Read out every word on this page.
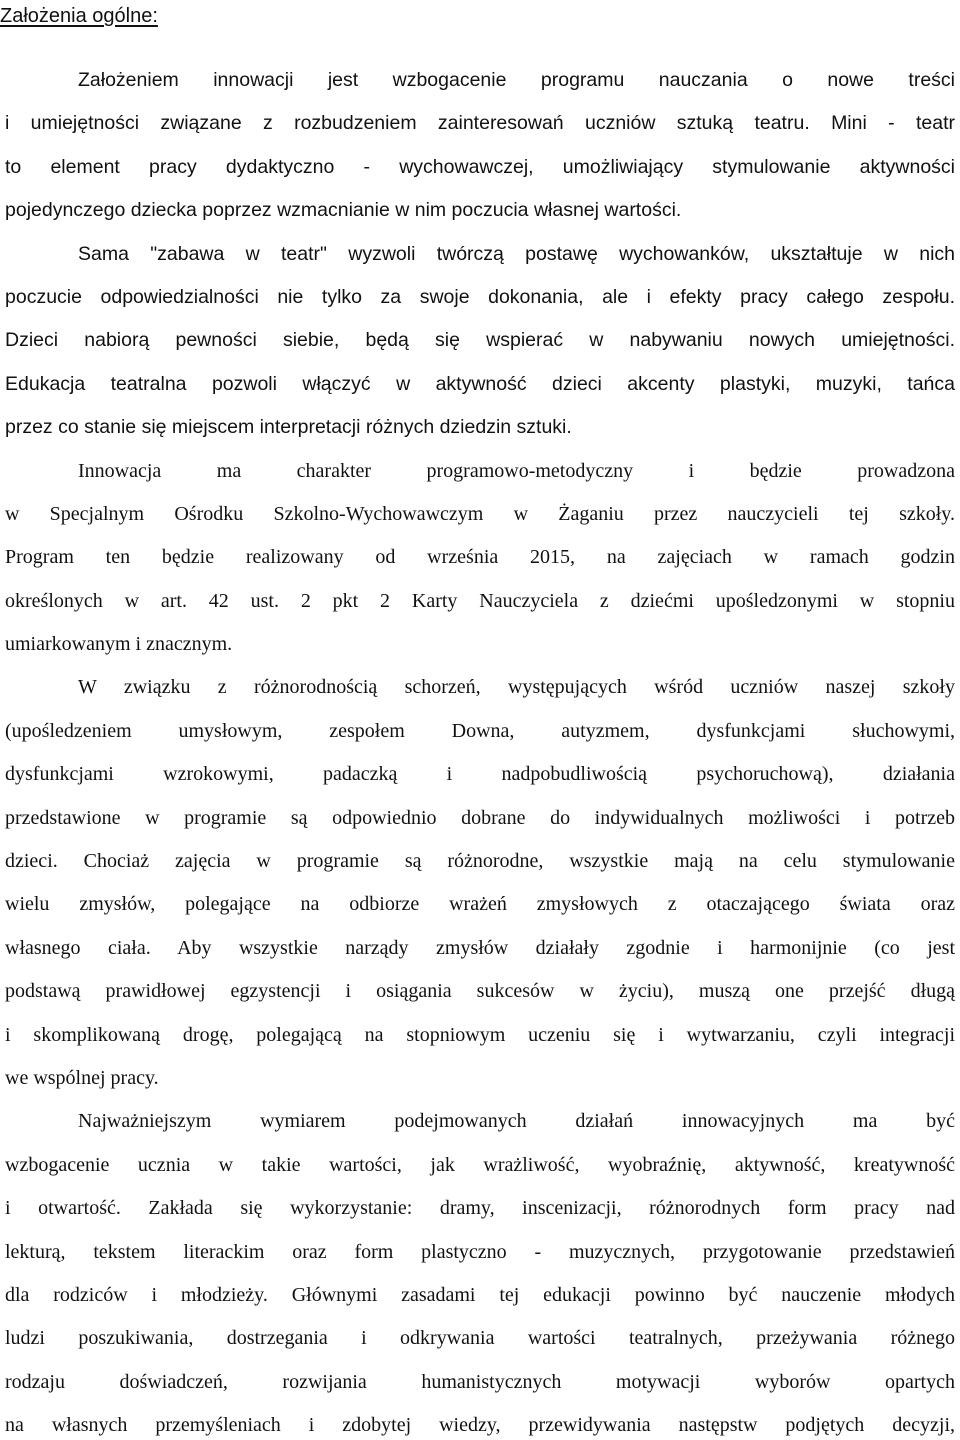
Założenia ogólne:
Założeniem innowacji jest wzbogacenie programu nauczania o nowe treści
i umiejętności związane z rozbudzeniem zainteresowań uczniów sztuką teatru. Mini - teatr
to element pracy dydaktyczno - wychowawczej, umożliwiający stymulowanie aktywności
pojedynczego dziecka poprzez wzmacnianie w nim poczucia własnej wartości.
Sama "zabawa w teatr" wyzwoli twórczą postawę wychowanków, ukształtuje w nich
poczucie odpowiedzialności nie tylko za swoje dokonania, ale i efekty pracy całego zespołu.
Dzieci nabiorą pewności siebie, będą się wspierać w nabywaniu nowych umiejętności.
Edukacja teatralna pozwoli włączyć w aktywność dzieci akcenty plastyki, muzyki, tańca
przez co stanie się miejscem interpretacji różnych dziedzin sztuki.
Innowacja ma charakter programowo-metodyczny i będzie prowadzona
w Specjalnym Ośrodku Szkolno-Wychowawczym w Żaganiu przez nauczycieli tej szkoły.
Program ten będzie realizowany od września 2015, na zajęciach w ramach godzin
określonych w art. 42 ust. 2 pkt 2 Karty Nauczyciela z dziećmi upośledzonymi w stopniu
umiarkowanym i znacznym.
W związku z różnorodnością schorzeń, występujących wśród uczniów naszej szkoły
(upośledzeniem umysłowym, zespołem Downa, autyzmem, dysfunkcjami słuchowymi,
dysfunkcjami wzrokowymi, padaczką i nadpobudliwością psychoruchową), działania
przedstawione w programie są odpowiednio dobrane do indywidualnych możliwości i potrzeb
dzieci. Chociaż zajęcia w programie są różnorodne, wszystkie mają na celu stymulowanie
wielu zmysłów, polegające na odbiorze wrażeń zmysłowych z otaczającego świata oraz
własnego ciała. Aby wszystkie narządy zmysłów działały zgodnie i harmonijnie (co jest
podstawą prawidłowej egzystencji i osiągania sukcesów w życiu), muszą one przejść długą
i skomplikowaną drogę, polegającą na stopniowym uczeniu się i wytwarzaniu, czyli integracji
we wspólnej pracy.
Najważniejszym wymiarem podejmowanych działań innowacyjnych ma być
wzbogacenie ucznia w takie wartości, jak wrażliwość, wyobraźnię, aktywność, kreatywność
i otwartość. Zakłada się wykorzystanie: dramy, inscenizacji, różnorodnych form pracy nad
lekturą, tekstem literackim oraz form plastyczno - muzycznych, przygotowanie przedstawień
dla rodziców i młodzieży. Głównymi zasadami tej edukacji powinno być nauczenie młodych
ludzi poszukiwania, dostrzegania i odkrywania wartości teatralnych, przeżywania różnego
rodzaju doświadczeń, rozwijania humanistycznych motywacji wyborów opartych
na własnych przemyśleniach i zdobytej wiedzy, przewidywania następstw podjętych decyzji,
